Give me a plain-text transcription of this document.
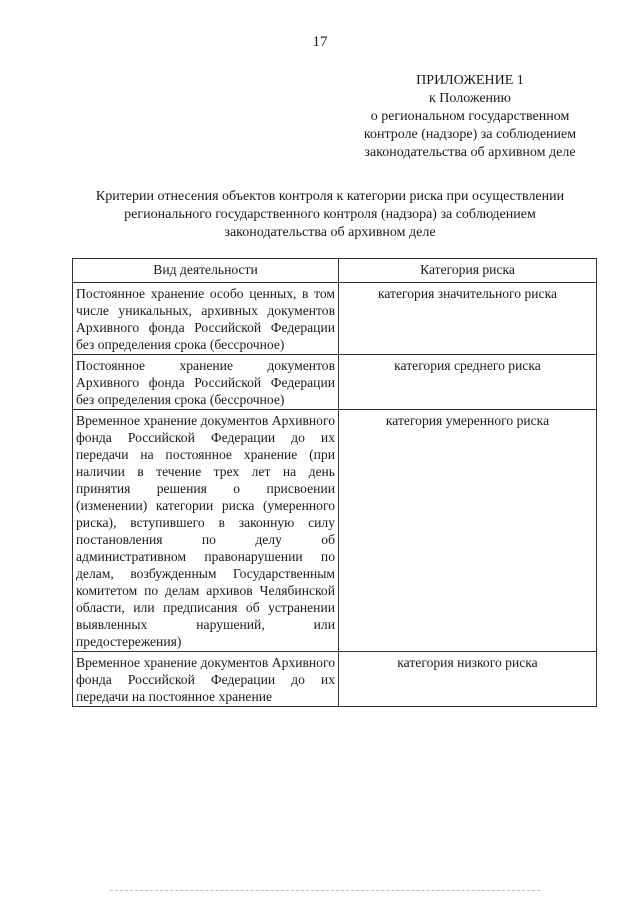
17
ПРИЛОЖЕНИЕ 1
к Положению
о региональном государственном
контроле (надзоре) за соблюдением
законодательства об архивном деле
Критерии отнесения объектов контроля к категории риска при осуществлении
регионального государственного контроля (надзора) за соблюдением
законодательства об архивном деле
Вид деятельности	Категория риска
Постоянное хранение особо ценных, в том числе уникальных, архивных документов Архивного фонда Российской Федерации без определения срока (бессрочное)	категория значительного риска
Постоянное хранение документов Архивного фонда Российской Федерации без определения срока (бессрочное)	категория среднего риска
Временное хранение документов Архивного фонда Российской Федерации до их передачи на постоянное хранение (при наличии в течение трех лет на день принятия решения о присвоении (изменении) категории риска (умеренного риска), вступившего в законную силу постановления по делу об административном правонарушении по делам, возбужденным Государственным комитетом по делам архивов Челябинской области, или предписания об устранении выявленных нарушений, или предостережения)	категория умеренного риска
Временное хранение документов Архивного фонда Российской Федерации до их передачи на постоянное хранение	категория низкого риска
